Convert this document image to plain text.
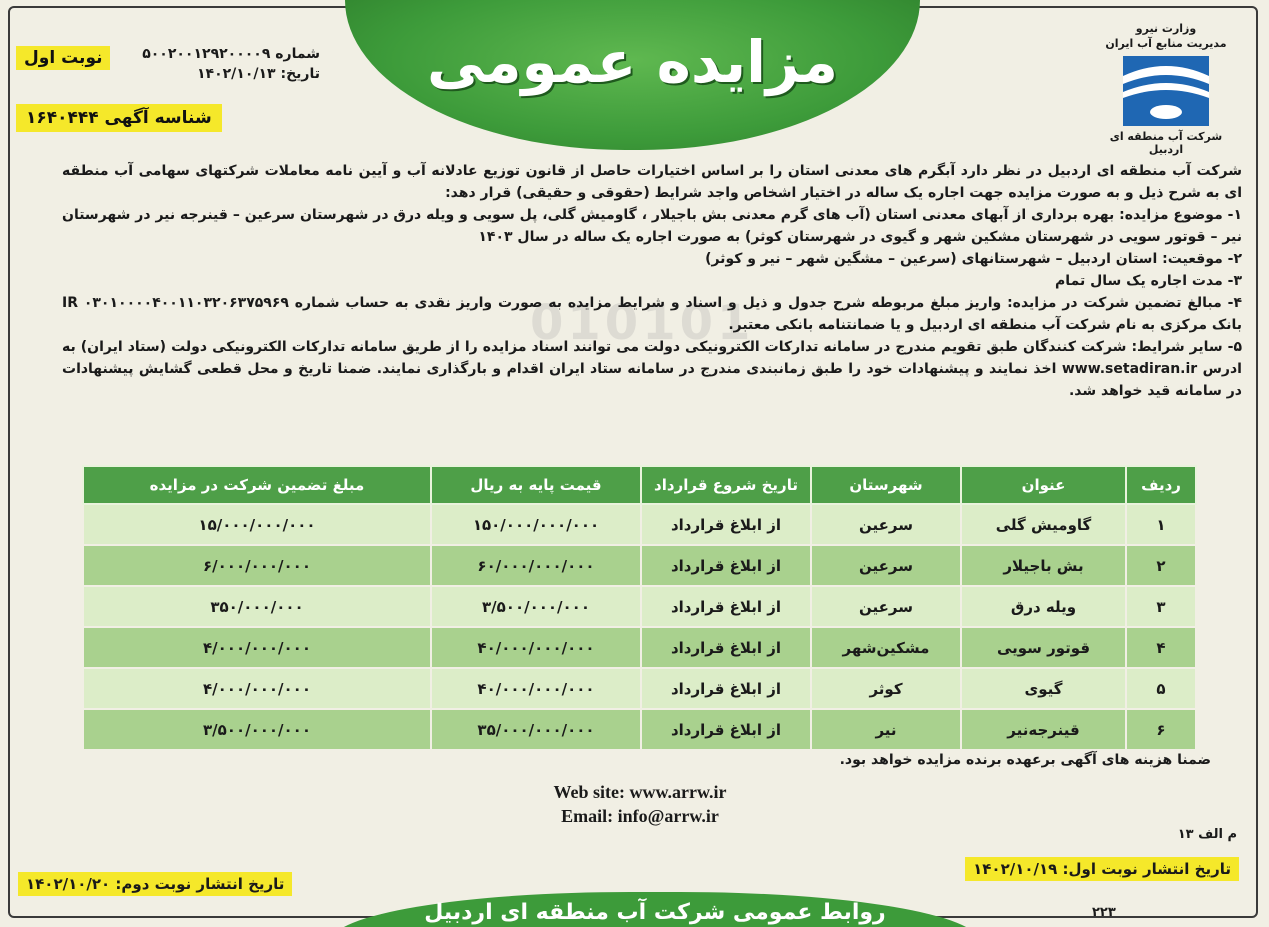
010101
مزایده عمومی	وزارت نیرو
مدیریت منابع آب ایران
شرکت آب منطقه ای اردبیل
نوبت اول	شماره ۵۰۰۲۰۰۱۲۹۲۰۰۰۰۹
تاریخ: ۱۴۰۲/۱۰/۱۳
شناسه آگهی ۱۶۴۰۴۴۴

شرکت آب منطقه ای اردبیل در نظر دارد آبگرم های معدنی استان را بر اساس اختیارات حاصل از قانون توزیع عادلانه آب و آیین نامه معاملات شرکتهای سهامی آب منطقه ای به شرح ذیل و به صورت مزایده جهت اجاره یک ساله در اختیار اشخاص واجد شرایط (حقوقی و حقیقی) قرار دهد:

۱- موضوع مزایده: بهره برداری از آبهای معدنی استان (آب های گرم معدنی بش باجیلار ، گاومیش گلی، پل سویی و ویله درق در شهرستان سرعین – قینرجه نیر در شهرستان نیر – قوتور سویی در شهرستان مشکین شهر و گیوی در شهرستان کوثر) به صورت اجاره یک ساله در سال ۱۴۰۳

۲- موقعیت: استان اردبیل – شهرستانهای (سرعین – مشگین شهر – نیر و کوثر)

۳- مدت اجاره یک سال تمام

۴- مبالغ تضمین شرکت در مزایده: واریز مبلغ مربوطه شرح جدول و ذیل و اسناد و شرایط مزایده به صورت واریز نقدی به حساب شماره IR ۰۳۰۱۰۰۰۰۴۰۰۱۱۰۳۲۰۶۳۷۵۹۶۹ بانک مرکزی به نام شرکت آب منطقه ای اردبیل و یا ضمانتنامه بانکی معتبر.

۵- سایر شرایط: شرکت کنندگان طبق تقویم مندرج در سامانه تدارکات الکترونیکی دولت می توانند اسناد مزایده را از طریق سامانه تدارکات الکترونیکی دولت (ستاد ایران) به ادرس www.setadiran.ir اخذ نمایند و پیشنهادات خود را طبق زمانبندی مندرج در سامانه ستاد ایران اقدام و بارگذاری نمایند. ضمنا تاریخ و محل قطعی گشایش پیشنهادات در سامانه قید خواهد شد.

ردیف	عنوان	شهرستان	تاریخ شروع قرارداد	قیمت پایه به ریال	مبلغ تضمین شرکت در مزایده
۱	گاومیش گلی	سرعین	از ابلاغ قرارداد	۱۵۰/۰۰۰/۰۰۰/۰۰۰	۱۵/۰۰۰/۰۰۰/۰۰۰
۲	بش باجیلار	سرعین	از ابلاغ قرارداد	۶۰/۰۰۰/۰۰۰/۰۰۰	۶/۰۰۰/۰۰۰/۰۰۰
۳	ویله درق	سرعین	از ابلاغ قرارداد	۳/۵۰۰/۰۰۰/۰۰۰	۳۵۰/۰۰۰/۰۰۰
۴	قوتور سویی	مشکین‌شهر	از ابلاغ قرارداد	۴۰/۰۰۰/۰۰۰/۰۰۰	۴/۰۰۰/۰۰۰/۰۰۰
۵	گیوی	کوثر	از ابلاغ قرارداد	۴۰/۰۰۰/۰۰۰/۰۰۰	۴/۰۰۰/۰۰۰/۰۰۰
۶	قینرجه‌نیر	نیر	از ابلاغ قرارداد	۳۵/۰۰۰/۰۰۰/۰۰۰	۳/۵۰۰/۰۰۰/۰۰۰
ضمنا هزینه های آگهی برعهده برنده مزایده خواهد بود.
Web site: www.arrw.ir
Email: info@arrw.ir
م الف ۱۳
تاریخ انتشار نوبت اول: ۱۴۰۲/۱۰/۱۹
تاریخ انتشار نوبت دوم: ۱۴۰۲/۱۰/۲۰
روابط عمومی شرکت آب منطقه ای اردبیل	۲۲۳
